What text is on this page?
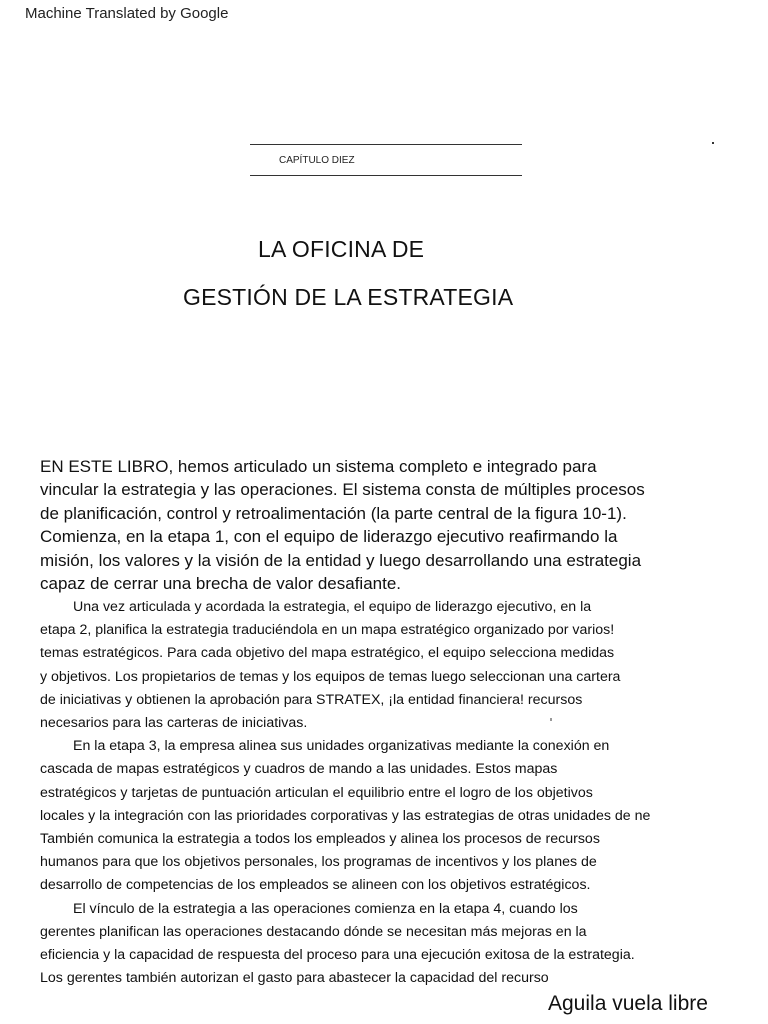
Machine Translated by Google
CAPÍTULO DIEZ
LA OFICINA DE
GESTIÓN DE LA ESTRATEGIA
EN ESTE LIBRO, hemos articulado un sistema completo e integrado para
vincular la estrategia y las operaciones. El sistema consta de múltiples procesos
de planificación, control y retroalimentación (la parte central de la figura 10-1).
Comienza, en la etapa 1, con el equipo de liderazgo ejecutivo reafirmando la
misión, los valores y la visión de la entidad y luego desarrollando una estrategia
capaz de cerrar una brecha de valor desafiante.
Una vez articulada y acordada la estrategia, el equipo de liderazgo ejecutivo, en la
etapa 2, planifica la estrategia traduciéndola en un mapa estratégico organizado por varios!
temas estratégicos. Para cada objetivo del mapa estratégico, el equipo selecciona medidas
y objetivos. Los propietarios de temas y los equipos de temas luego seleccionan una cartera
de iniciativas y obtienen la aprobación para STRATEX, ¡la entidad financiera! recursos
necesarios para las carteras de iniciativas.
En la etapa 3, la empresa alinea sus unidades organizativas mediante la conexión en
cascada de mapas estratégicos y cuadros de mando a las unidades. Estos mapas
estratégicos y tarjetas de puntuación articulan el equilibrio entre el logro de los objetivos
locales y la integración con las prioridades corporativas y las estrategias de otras unidades de ne
También comunica la estrategia a todos los empleados y alinea los procesos de recursos
humanos para que los objetivos personales, los programas de incentivos y los planes de
desarrollo de competencias de los empleados se alineen con los objetivos estratégicos.
El vínculo de la estrategia a las operaciones comienza en la etapa 4, cuando los
gerentes planifican las operaciones destacando dónde se necesitan más mejoras en la
eficiencia y la capacidad de respuesta del proceso para una ejecución exitosa de la estrategia.
Los gerentes también autorizan el gasto para abastecer la capacidad del recurso
Aguila vuela libre
